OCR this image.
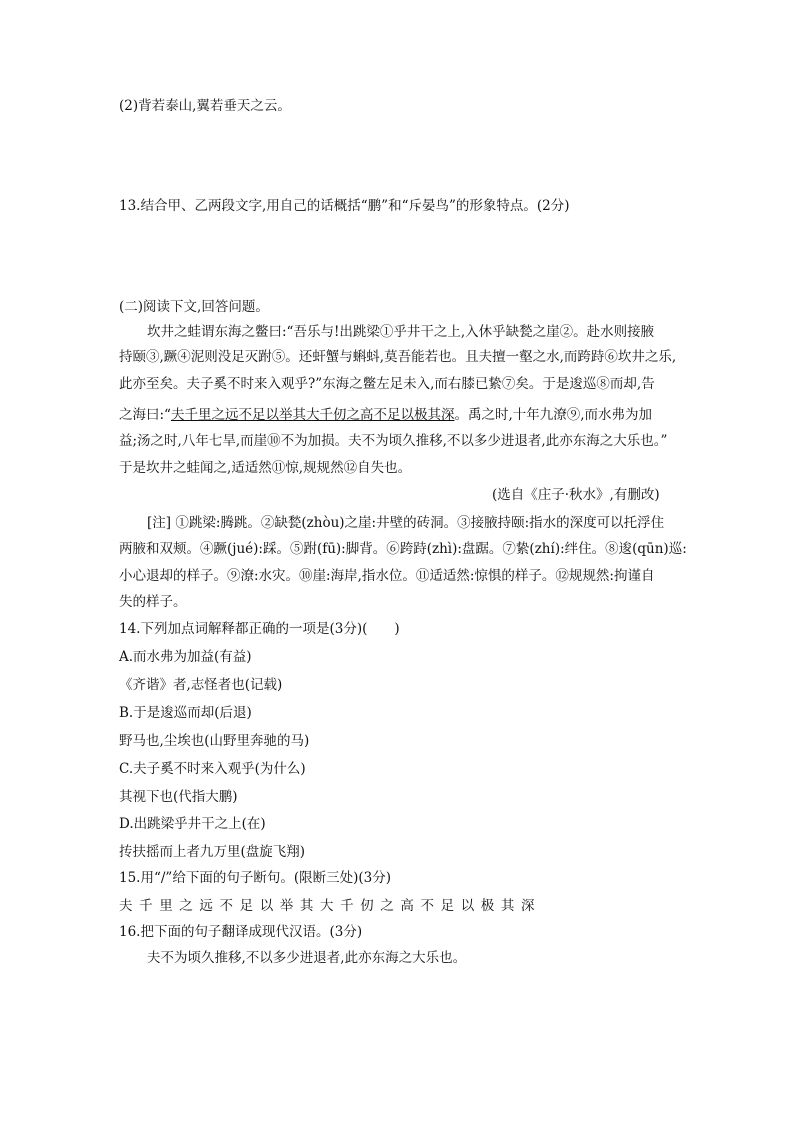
(2)背若泰山,翼若垂天之云。
13.结合甲、乙两段文字,用自己的话概括“鹏”和“斥晏鸟”的形象特点。(2分)
(二)阅读下文,回答问题。
坎井之蛙谓东海之鳖曰:“吾乐与!出跳梁①乎井干之上,入休乎缺甃之崖②。赴水则接腋
持颐③,蹶④泥则没足灭跗⑤。还虷蟹与蝌蚪,莫吾能若也。且夫擅一壑之水,而跨跱⑥坎井之乐,
此亦至矣。夫子奚不时来入观乎?”东海之鳖左足未入,而右膝已絷⑦矣。于是逡巡⑧而却,告
之海曰:“夫千里之远不足以举其大千仞之高不足以极其深。禹之时,十年九潦⑨,而水弗为加
益;汤之时,八年七旱,而崖⑩不为加损。夫不为顷久推移,不以多少进退者,此亦东海之大乐也。”
于是坎井之蛙闻之,适适然⑪惊,规规然⑫自失也。
(选自《庄子·秋水》,有删改)
[注] ①跳梁:腾跳。②缺甃(zhòu)之崖:井壁的砖洞。③接腋持颐:指水的深度可以托浮住
两腋和双颊。④蹶(jué):踩。⑤跗(fū):脚背。⑥跨跱(zhì):盘踞。⑦絷(zhí):绊住。⑧逡(qūn)巡:
小心退却的样子。⑨潦:水灾。⑩崖:海岸,指水位。⑪适适然:惊惧的样子。⑫规规然:拘谨自
失的样子。
14.下列加点词解释都正确的一项是(3分)(　　)
A.而水弗为加益(有益)
《齐谐》者,志怪者也(记载)
B.于是逡巡而却(后退)
野马也,尘埃也(山野里奔驰的马)
C.夫子奚不时来入观乎(为什么)
其视下也(代指大鹏)
D.出跳梁乎井干之上(在)
抟扶摇而上者九万里(盘旋飞翔)
15.用“/”给下面的句子断句。(限断三处)(3分)
夫千里之远不足以举其大千仞之高不足以极其深
16.把下面的句子翻译成现代汉语。(3分)
夫不为顷久推移,不以多少进退者,此亦东海之大乐也。
